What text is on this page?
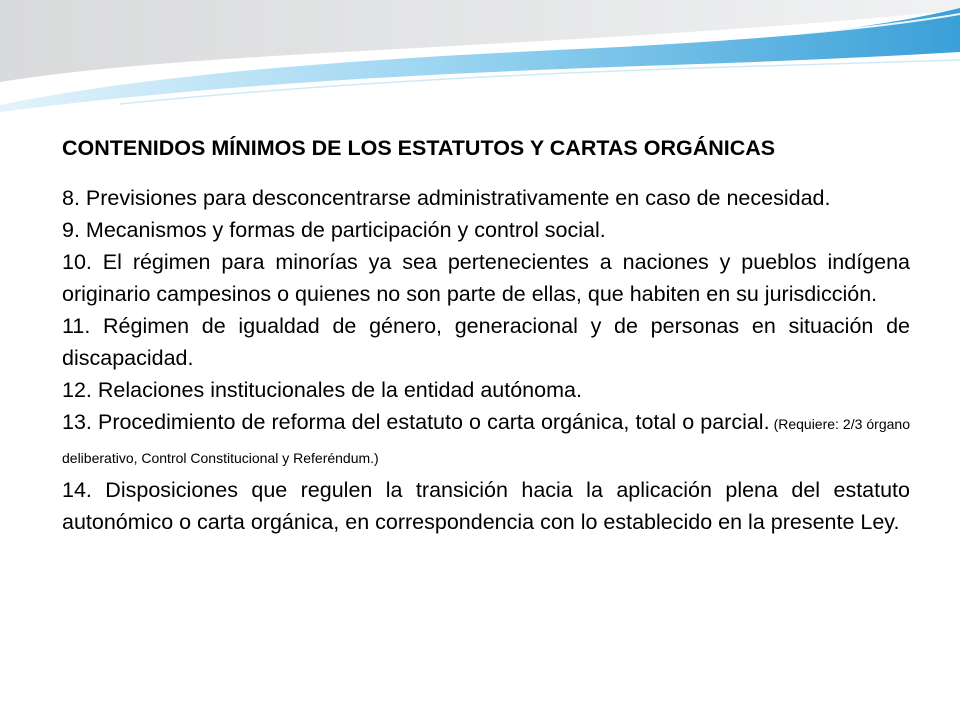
CONTENIDOS MÍNIMOS DE LOS ESTATUTOS Y CARTAS ORGÁNICAS

8. Previsiones para desconcentrarse administrativamente en caso de necesidad.

9. Mecanismos y formas de participación y control social.

10. El régimen para minorías ya sea pertenecientes a naciones y pueblos indígena originario campesinos o quienes no son parte de ellas, que habiten en su jurisdicción.

11. Régimen de igualdad de género, generacional y de personas en situación de discapacidad.

12. Relaciones institucionales de la entidad autónoma.

13. Procedimiento de reforma del estatuto o carta orgánica, total o parcial. (Requiere: 2/3 órgano deliberativo, Control Constitucional y Referéndum.)

14. Disposiciones que regulen la transición hacia la aplicación plena del estatuto autonómico o carta orgánica, en correspondencia con lo establecido en la presente Ley.
